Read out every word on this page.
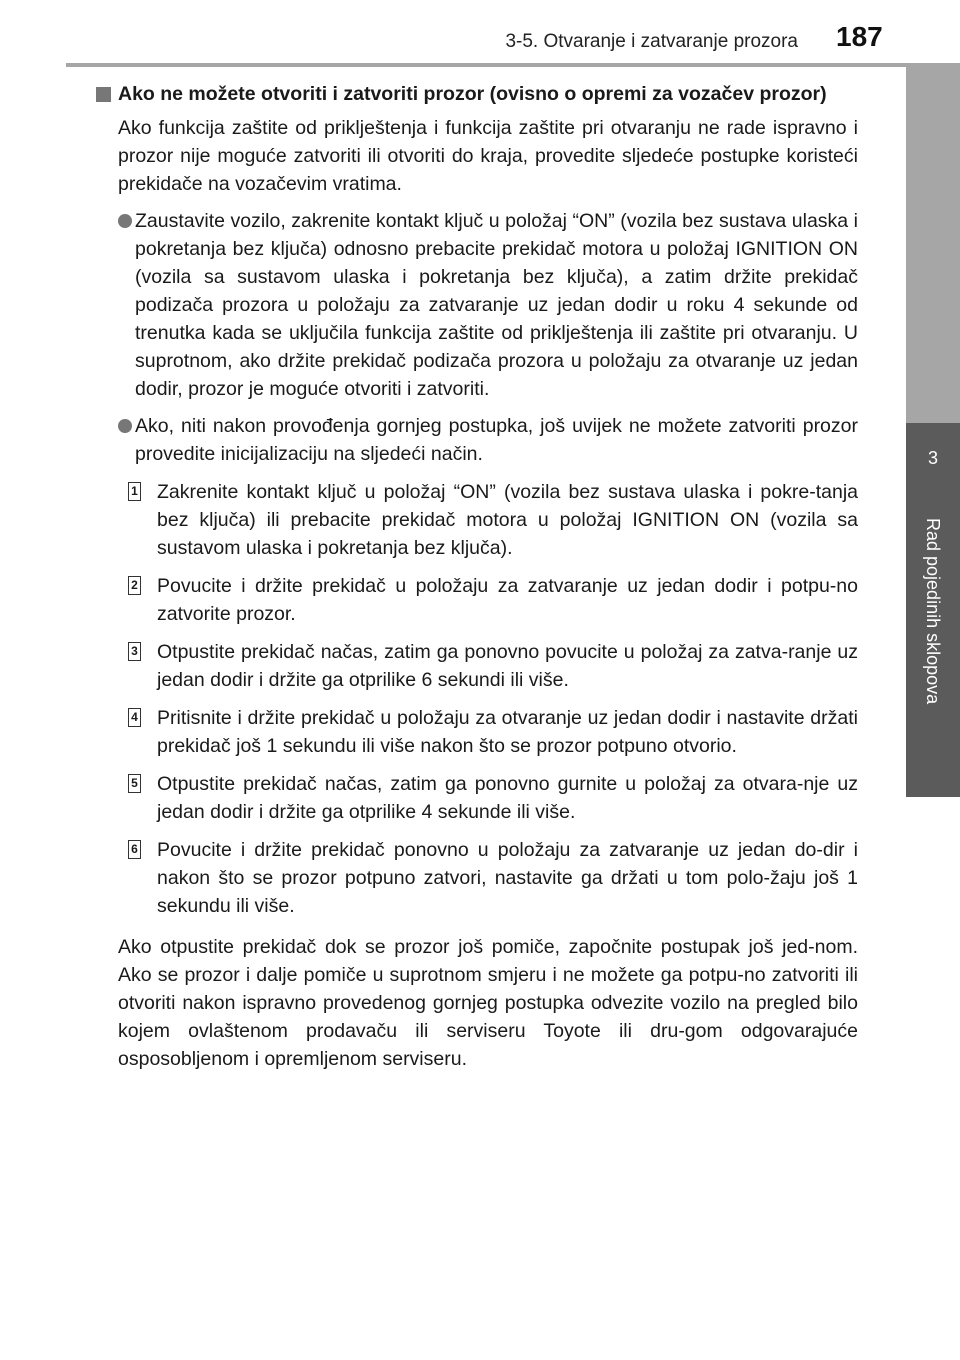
3-5. Otvaranje i zatvaranje prozora 187
3
Rad pojedinih sklopova

Ako ne možete otvoriti i zatvoriti prozor (ovisno o opremi za vozačev prozor)

Ako funkcija zaštite od priklještenja i funkcija zaštite pri otvaranju ne rade ispravno i prozor nije moguće zatvoriti ili otvoriti do kraja, provedite sljedeće postupke koristeći prekidače na vozačevim vratima.

Zaustavite vozilo, zakrenite kontakt ključ u položaj “ON” (vozila bez sustava ulaska i pokretanja bez ključa) odnosno prebacite prekidač motora u položaj IGNITION ON (vozila sa sustavom ulaska i pokretanja bez ključa), a zatim držite prekidač podizača prozora u položaju za zatvaranje uz jedan dodir u roku 4 sekunde od trenutka kada se uključila funkcija zaštite od priklještenja ili zaštite pri otvaranju. U suprotnom, ako držite prekidač podizača prozora u položaju za otvaranje uz jedan dodir, prozor je moguće otvoriti i zatvoriti.
Ako, niti nakon provođenja gornjeg postupka, još uvijek ne možete zatvoriti prozor provedite inicijalizaciju na sljedeći način.
1 Zakrenite kontakt ključ u položaj “ON” (vozila bez sustava ulaska i pokre-tanja bez ključa) ili prebacite prekidač motora u položaj IGNITION ON (vozila sa sustavom ulaska i pokretanja bez ključa).
2 Povucite i držite prekidač u položaju za zatvaranje uz jedan dodir i potpu-no zatvorite prozor.
3 Otpustite prekidač načas, zatim ga ponovno povucite u položaj za zatva-ranje uz jedan dodir i držite ga otprilike 6 sekundi ili više.
4 Pritisnite i držite prekidač u položaju za otvaranje uz jedan dodir i nastavite držati prekidač još 1 sekundu ili više nakon što se prozor potpuno otvorio.
5 Otpustite prekidač načas, zatim ga ponovno gurnite u položaj za otvara-nje uz jedan dodir i držite ga otprilike 4 sekunde ili više.
6 Povucite i držite prekidač ponovno u položaju za zatvaranje uz jedan do-dir i nakon što se prozor potpuno zatvori, nastavite ga držati u tom polo-žaju još 1 sekundu ili više.

Ako otpustite prekidač dok se prozor još pomiče, započnite postupak još jed-nom. Ako se prozor i dalje pomiče u suprotnom smjeru i ne možete ga potpu-no zatvoriti ili otvoriti nakon ispravno provedenog gornjeg postupka odvezite vozilo na pregled bilo kojem ovlaštenom prodavaču ili serviseru Toyote ili dru-gom odgovarajuće osposobljenom i opremljenom serviseru.
